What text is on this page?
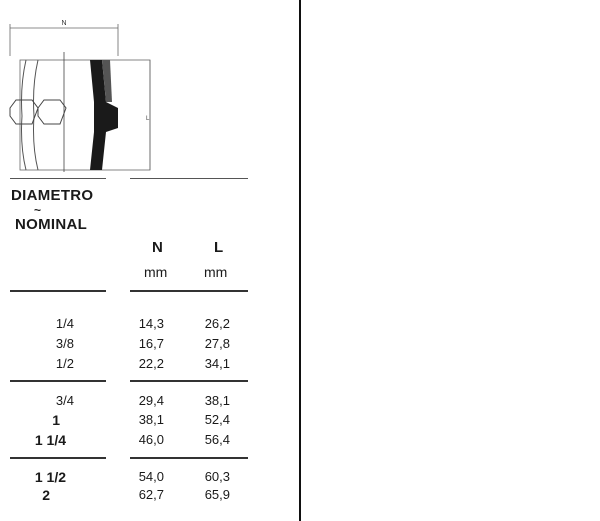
N
L
DIAMETRO
~
NOMINAL
N	L
mm	mm
1/4	14,3	26,2
3/8	16,7	27,8
1/2	22,2	34,1
3/4	29,4	38,1
1	38,1	52,4
1 1/4	46,0	56,4
1 1/2	54,0	60,3
2	62,7	65,9
